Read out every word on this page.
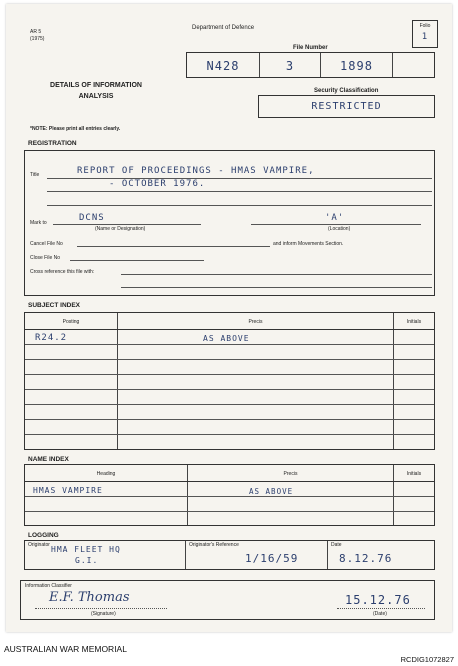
AR 5
(1975)
Department of Defence	Folio
1
File Number
N428	3	1898
DETAILS OF INFORMATION
ANALYSIS
Security Classification
RESTRICTED
*NOTE: Please print all entries clearly.
REGISTRATION
Title	REPORT OF PROCEEDINGS - HMAS VAMPIRE,
- OCTOBER 1976.
Mark to	DCNS
(Name or Designation)
'A'
(Location)
Cancel File No	and inform Movements Section.
Close File No
Cross reference this file with:
SUBJECT INDEX
Posting	Precis	Initials
R24.2	AS ABOVE
NAME INDEX
Heading	Precis	Initials
HMAS VAMPIRE	AS ABOVE
LOGGING
Originator HMA FLEET HQ
G.I.
Originator's Reference
1/16/59
Date
8.12.76
Information Classifier
E.F. Thomas
(Signature)
15.12.76
(Date)
AUSTRALIAN WAR MEMORIAL
RCDIG1072827
